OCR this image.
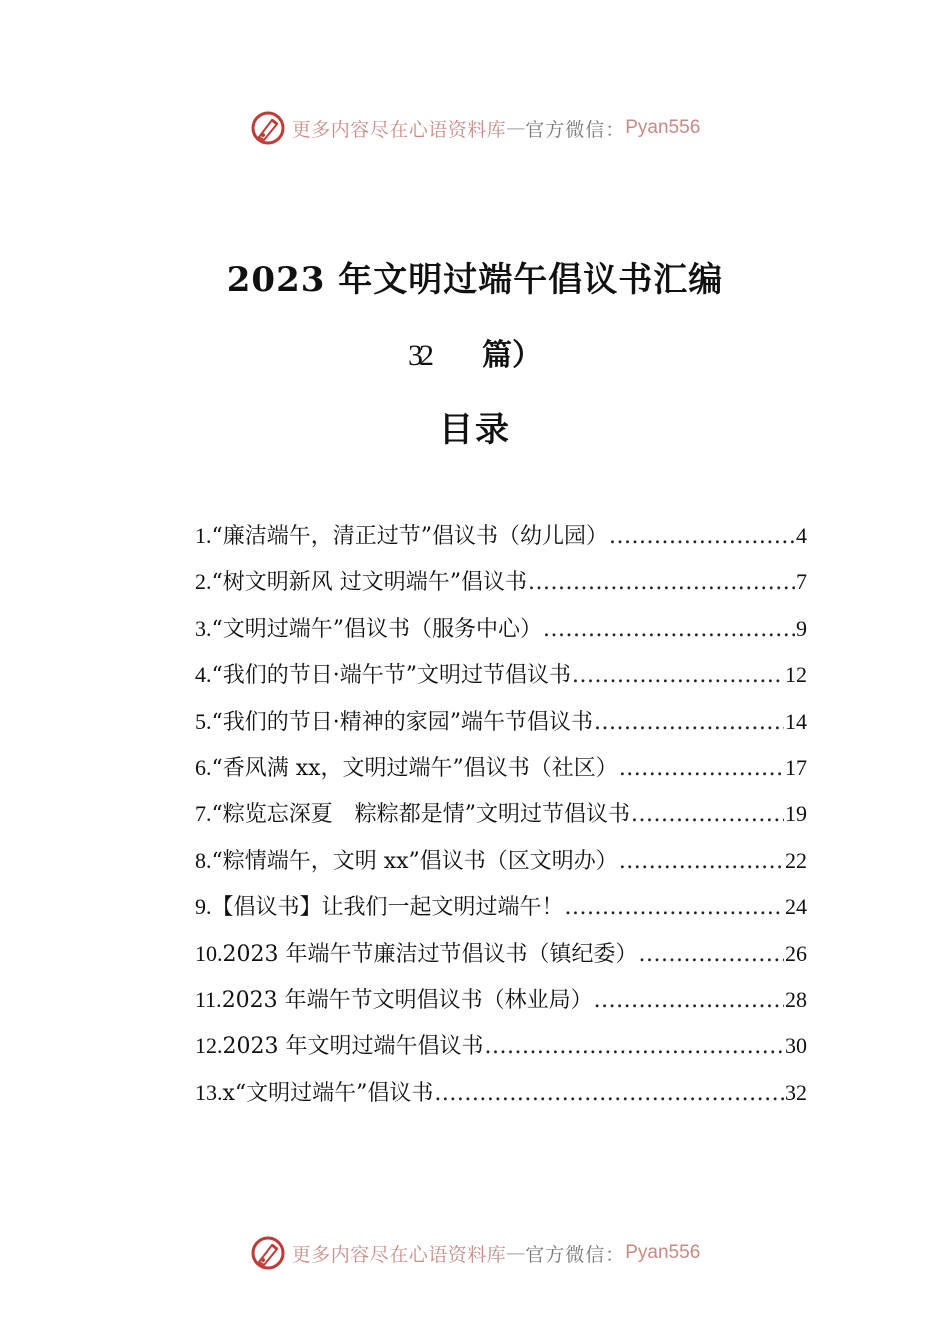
更多内容尽在心语资料库 — 官方微信： Pyan556
2023 年文明过端午倡议书汇编
32 篇）
目录
1. “廉洁端午，清正过节”倡议书（幼儿园） .....	4
2. “树文明新风 过文明端午”倡议书 .....	7
3. “文明过端午”倡议书（服务中心） .....	9
4. “我们的节日·端午节”文明过节倡议书 .....	12
5. “我们的节日·精神的家园”端午节倡议书 .....	14
6. “香风满 xx，文明过端午”倡议书（社区） .....	17
7. “粽览忘深夏　粽粽都是情”文明过节倡议书 .....	19
8. “粽情端午，文明 xx”倡议书（区文明办） .....	22
9. 【倡议书】让我们一起文明过端午！ .....	24
10. 2023 年端午节廉洁过节倡议书（镇纪委） .....	26
11. 2023 年端午节文明倡议书（林业局） .....	28
12. 2023 年文明过端午倡议书 .....	30
13. x“文明过端午”倡议书 .....	32
更多内容尽在心语资料库 — 官方微信： Pyan556
